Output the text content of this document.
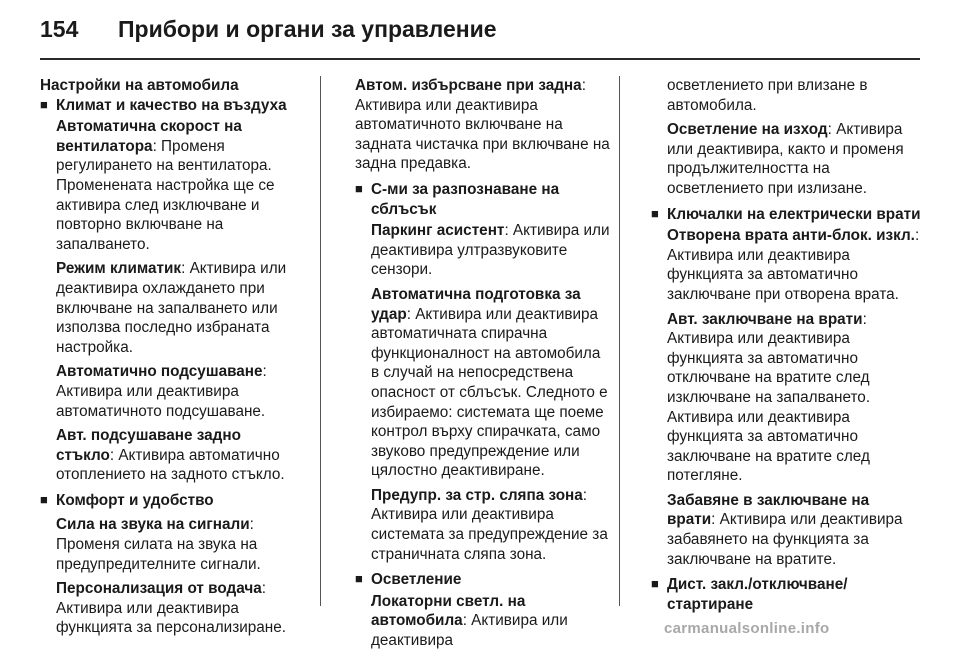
154 Прибори и органи за управление
Настройки на автомобила
■ Климат и качество на въздуха
Автоматична скорост на вентилатора: Променя регулирането на вентилатора. Променената настройка ще се активира след изключване и повторно включване на запалването.
Режим климатик: Активира или деактивира охлаждането при включване на запалването или използва последно избраната настройка.
Автоматично подсушаване: Активира или деактивира автоматичното подсушаване.
Авт. подсушаване задно стъкло: Активира автоматично отоплението на задното стъкло.
■ Комфорт и удобство
Сила на звука на сигнали: Променя силата на звука на предупредителните сигнали.
Персонализация от водача: Активира или деактивира функцията за персонализиране.
Автом. избърсване при задна: Активира или деактивира автоматичното включване на задната чистачка при включване на задна предавка.
■ С-ми за разпознаване на сблъсък
Паркинг асистент: Активира или деактивира ултразвуковите сензори.
Автоматична подготовка за удар: Активира или деактивира автоматичната спирачна функционалност на автомобила в случай на непосредствена опасност от сблъсък. Следното е избираемо: системата ще поеме контрол върху спирачката, само звуково предупреждение или цялостно деактивиране.
Предупр. за стр. сляпа зона: Активира или деактивира системата за предупреждение за страничната сляпа зона.
■ Осветление
Локаторни светл. на автомобила: Активира или деактивира
осветлението при влизане в автомобила.
Осветление на изход: Активира или деактивира, както и променя продължителността на осветлението при излизане.
■ Ключалки на електрически врати
Отворена врата анти-блок. изкл.: Активира или деактивира функцията за автоматично заключване при отворена врата.
Авт. заключване на врати: Активира или деактивира функцията за автоматично отключване на вратите след изключване на запалването. Активира или деактивира функцията за автоматично заключване на вратите след потегляне.
Забавяне в заключване на врати: Активира или деактивира забавянето на функцията за заключване на вратите.
■ Дист. закл./отключване/ стартиране
carmanualsonline.info
